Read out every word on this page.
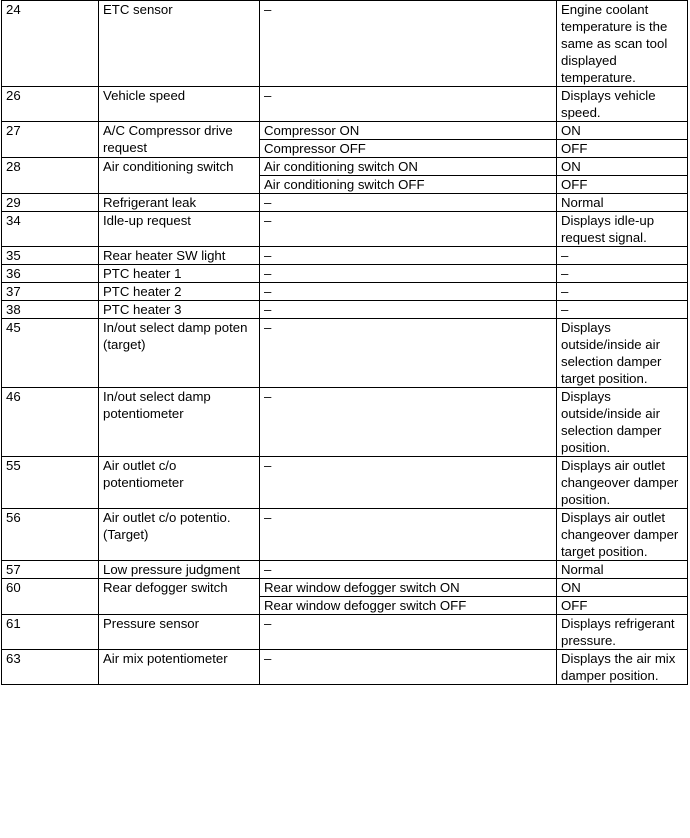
24	ETC sensor	–	Engine coolant temperature is the same as scan tool displayed temperature.
26	Vehicle speed	–	Displays vehicle speed.
27	A/C Compressor drive request	Compressor ON	ON
		Compressor OFF	OFF
28	Air conditioning switch	Air conditioning switch ON	ON
		Air conditioning switch OFF	OFF
29	Refrigerant leak	–	Normal
34	Idle-up request	–	Displays idle-up request signal.
35	Rear heater SW light	–	–
36	PTC heater 1	–	–
37	PTC heater 2	–	–
38	PTC heater 3	–	–
45	In/out select damp poten (target)	–	Displays outside/inside air selection damper target position.
46	In/out select damp potentiometer	–	Displays outside/inside air selection damper position.
55	Air outlet c/o potentiometer	–	Displays air outlet changeover damper position.
56	Air outlet c/o potentio. (Target)	–	Displays air outlet changeover damper target position.
57	Low pressure judgment	–	Normal
60	Rear defogger switch	Rear window defogger switch ON	ON
		Rear window defogger switch OFF	OFF
61	Pressure sensor	–	Displays refrigerant pressure.
63	Air mix potentiometer	–	Displays the air mix damper position.
